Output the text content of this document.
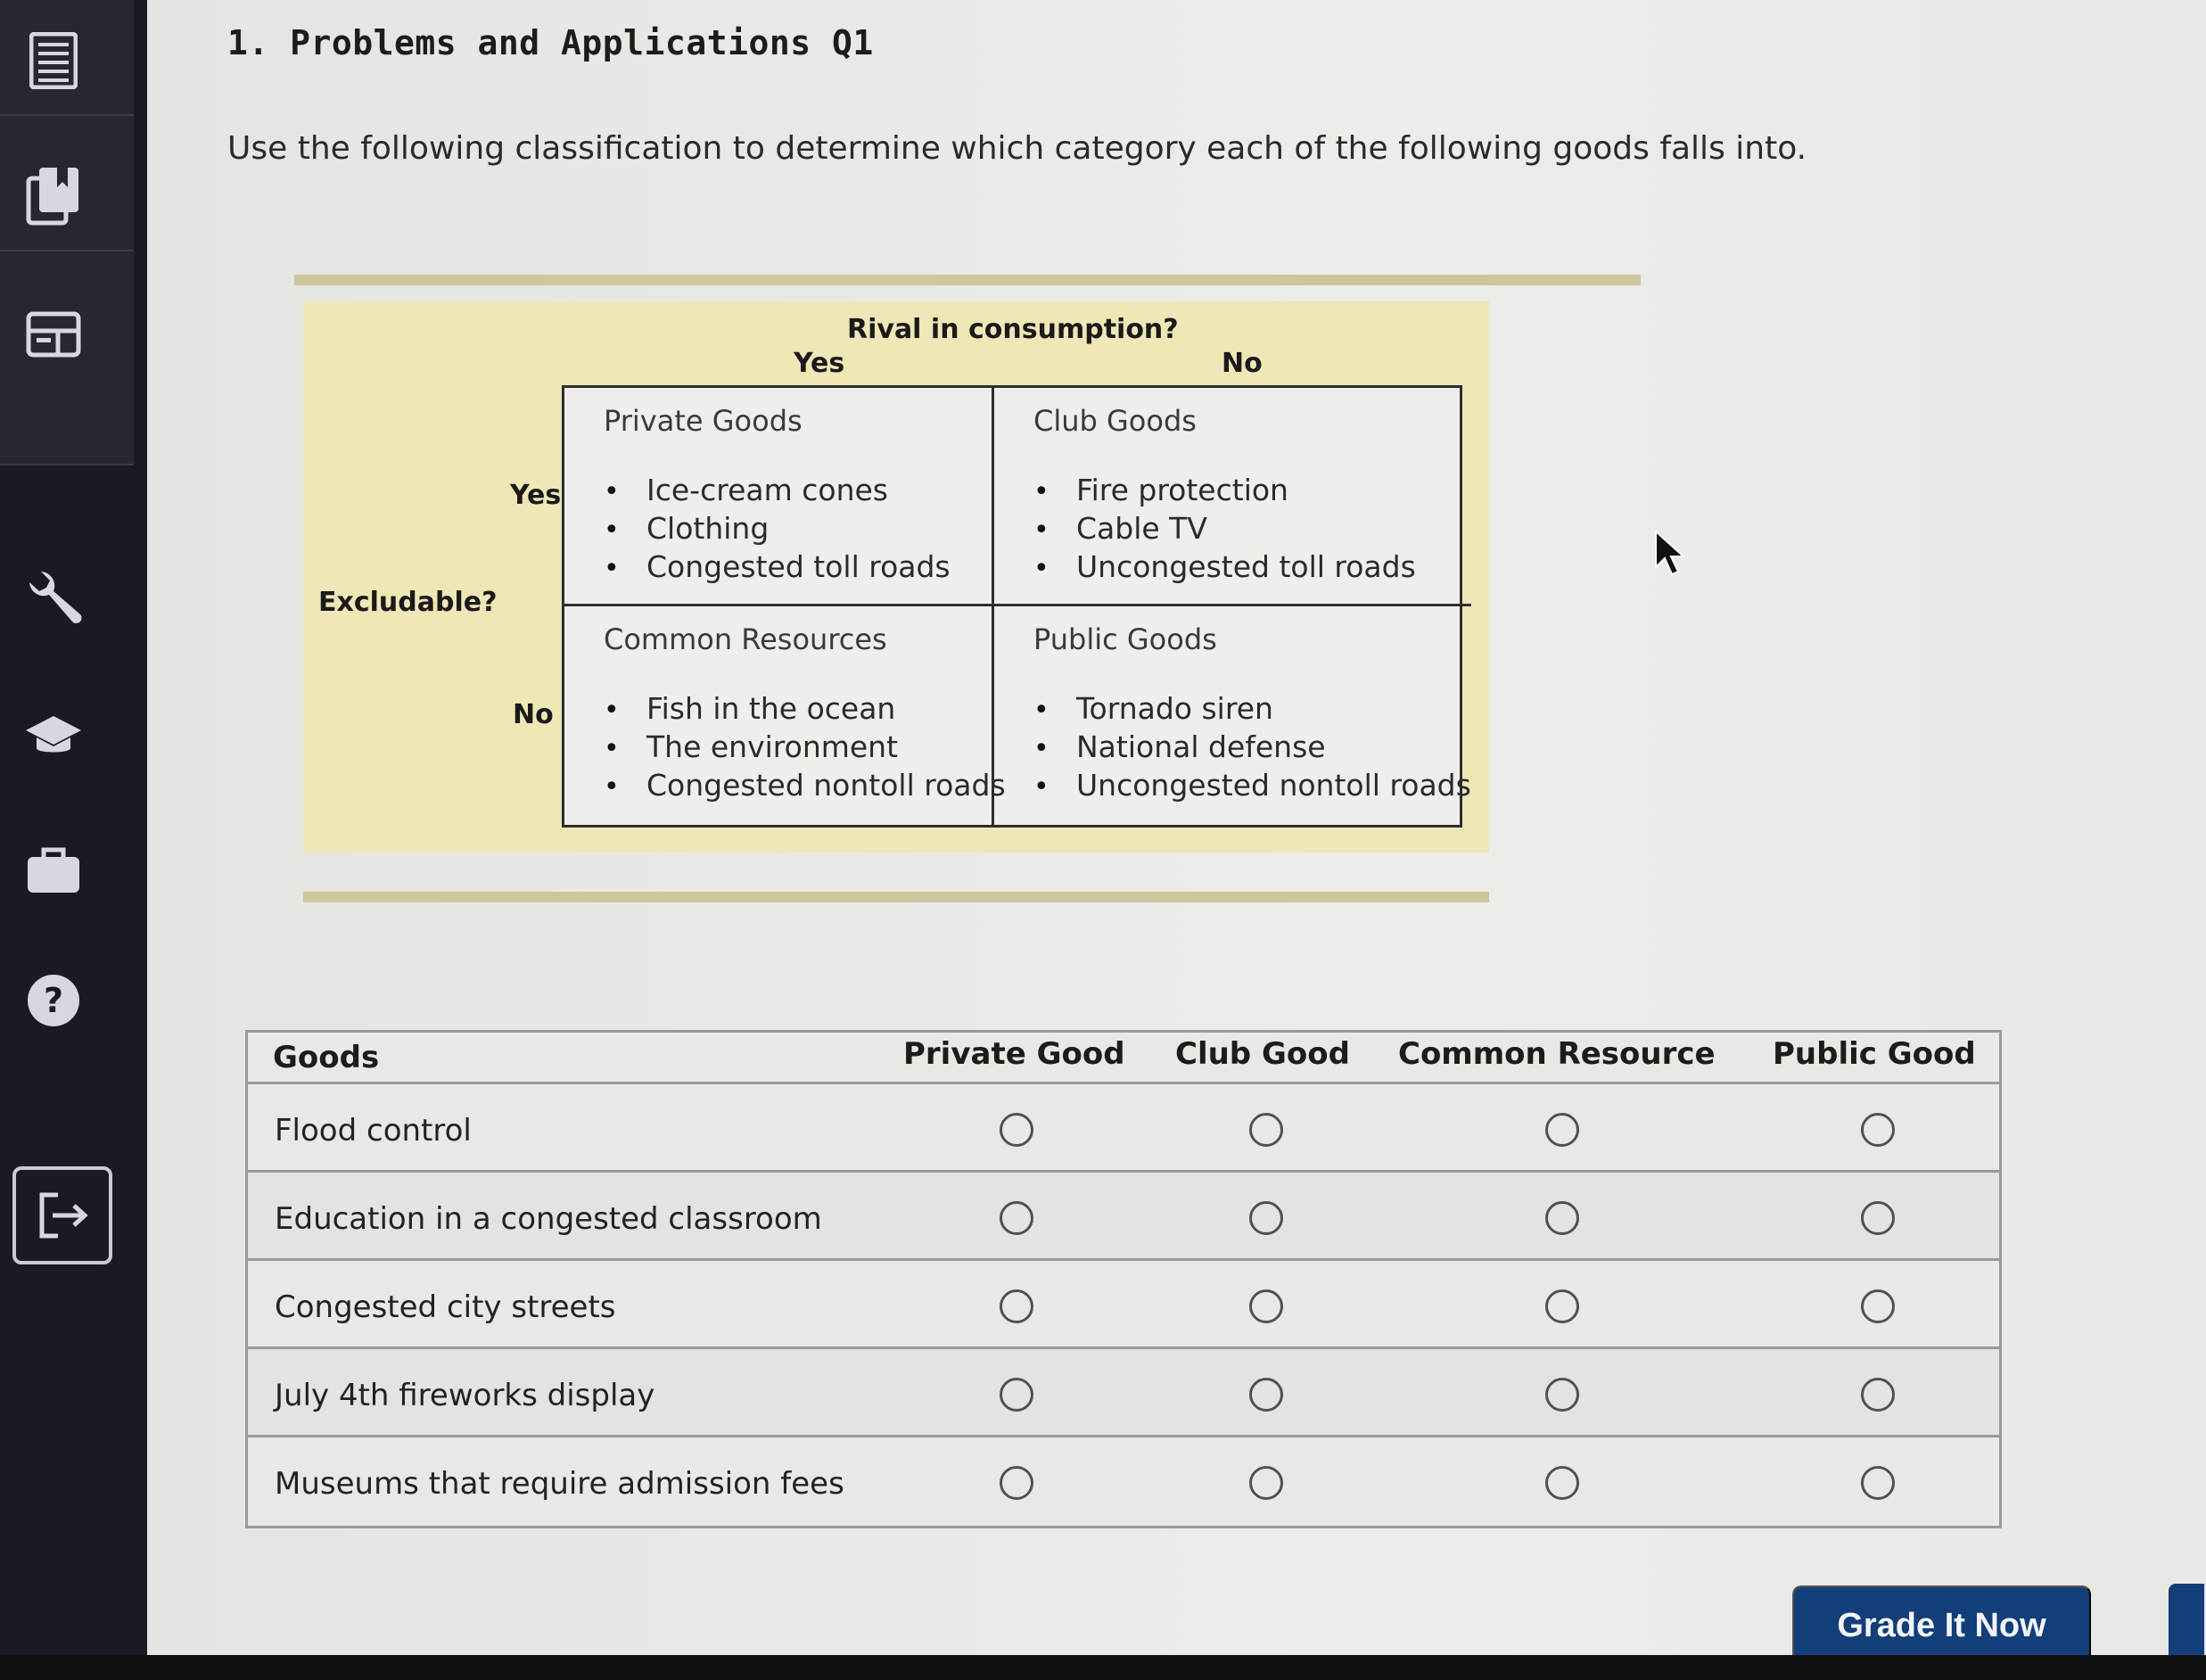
?
1. Problems and Applications Q1

Use the following classification to determine which category each of the following goods falls into.

Rival in consumption?
Yes	No
Excludable?
Yes
No
Private Goods
• Ice-cream cones
• Clothing
• Congested toll roads
Club Goods
• Fire protection
• Cable TV
• Uncongested toll roads
Common Resources
• Fish in the ocean
• The environment
• Congested nontoll roads
Public Goods
• Tornado siren
• National defense
• Uncongested nontoll roads
Goods	Private Good Club Good Common Resource Public Good
Flood control
Education in a congested classroom
Congested city streets
July 4th fireworks display
Museums that require admission fees
Grade It Now
